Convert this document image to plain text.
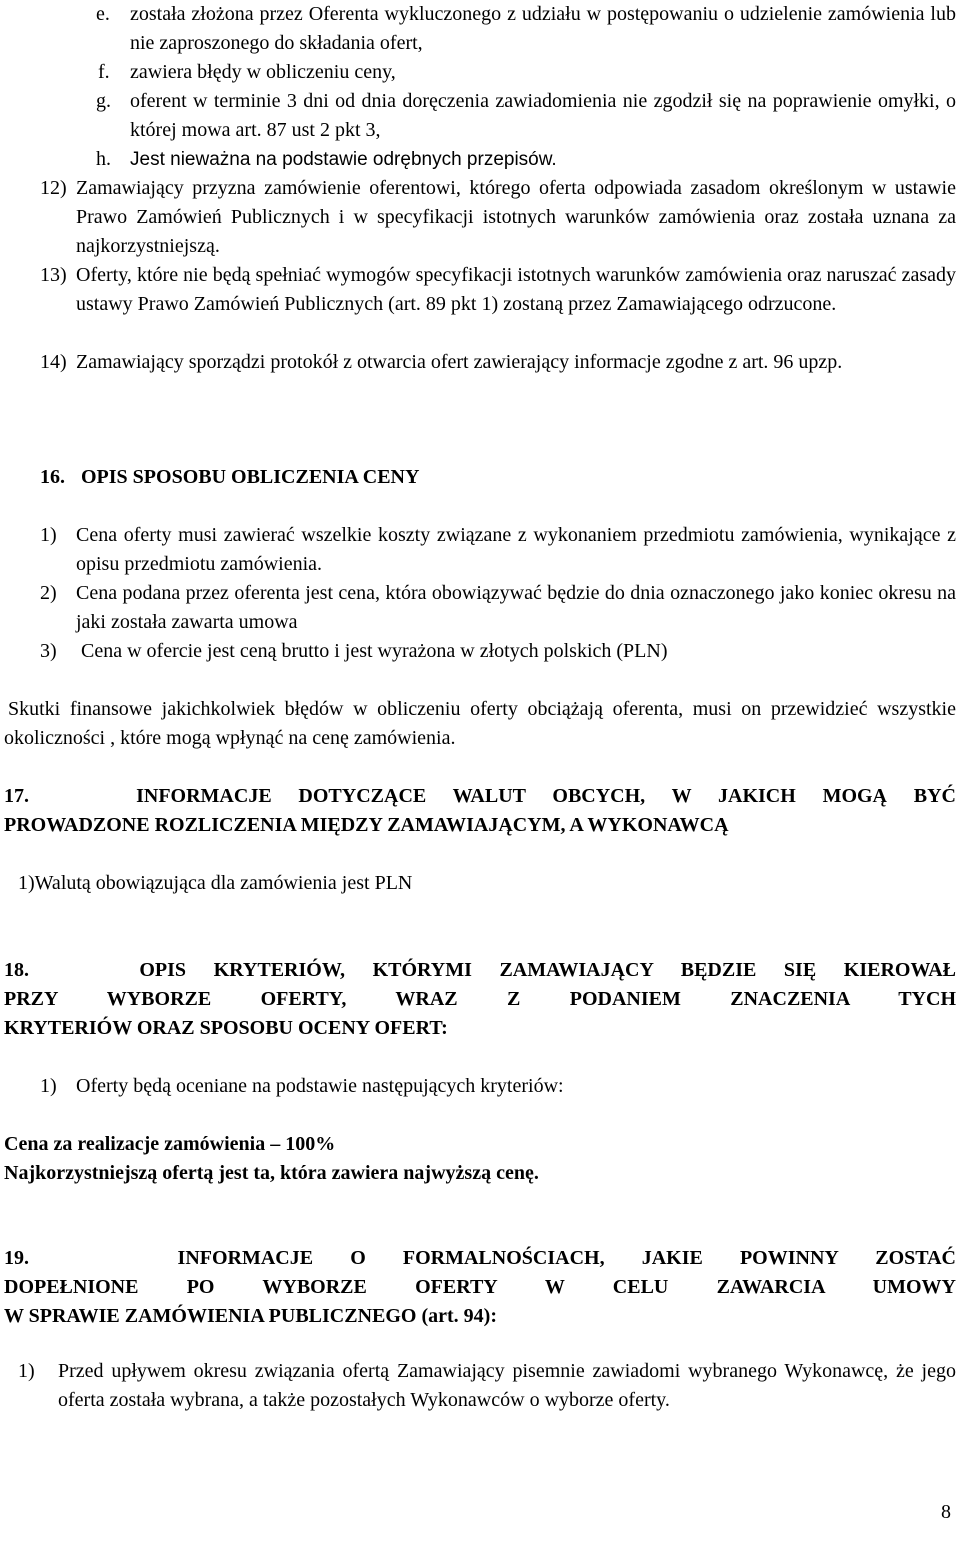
e. została złożona przez Oferenta wykluczonego z udziału w postępowaniu o udzielenie zamówienia lub nie zaproszonego do składania ofert,
f. zawiera błędy w obliczeniu ceny,
g. oferent w terminie 3 dni od dnia doręczenia zawiadomienia nie zgodził się na poprawienie omyłki, o której mowa art. 87 ust 2 pkt 3,
h. Jest nieważna na podstawie odrębnych przepisów.
12) Zamawiający przyzna zamówienie oferentowi, którego oferta odpowiada zasadom określonym w ustawie Prawo Zamówień Publicznych i w specyfikacji istotnych warunków zamówienia oraz została uznana za najkorzystniejszą.
13) Oferty, które nie będą spełniać wymogów specyfikacji istotnych warunków zamówienia oraz naruszać zasady ustawy Prawo Zamówień Publicznych (art. 89 pkt 1) zostaną przez Zamawiającego odrzucone.
14) Zamawiający sporządzi protokół z otwarcia ofert zawierający informacje zgodne z art. 96 upzp.
16. OPIS SPOSOBU OBLICZENIA CENY
1) Cena oferty musi zawierać wszelkie koszty związane z wykonaniem przedmiotu zamówienia, wynikające z opisu przedmiotu zamówienia.
2) Cena podana przez oferenta jest cena, która obowiązywać będzie do dnia oznaczonego jako koniec okresu na jaki została zawarta umowa
3) Cena w ofercie jest ceną brutto i jest wyrażona w złotych polskich (PLN)
Skutki finansowe jakichkolwiek błędów w obliczeniu oferty obciążają oferenta, musi on przewidzieć wszystkie okoliczności , które mogą wpłynąć na cenę zamówienia.
17.	INFORMACJE DOTYCZĄCE WALUT OBCYCH, W JAKICH MOGĄ BYĆ
PROWADZONE ROZLICZENIA MIĘDZY ZAMAWIAJĄCYM, A WYKONAWCĄ
1)Walutą obowiązująca dla zamówienia jest PLN
18.	OPIS KRYTERIÓW, KTÓRYMI ZAMAWIAJĄCY BĘDZIE SIĘ KIEROWAŁ
PRZY WYBORZE OFERTY, WRAZ Z PODANIEM ZNACZENIA TYCH
KRYTERIÓW ORAZ SPOSOBU OCENY OFERT:
1) Oferty będą oceniane na podstawie następujących kryteriów:
Cena za realizacje zamówienia – 100%
Najkorzystniejszą ofertą jest ta, która zawiera najwyższą cenę.
19.	INFORMACJE O FORMALNOŚCIACH, JAKIE POWINNY ZOSTAĆ
DOPEŁNIONE PO WYBORZE OFERTY W CELU ZAWARCIA UMOWY
W SPRAWIE ZAMÓWIENIA PUBLICZNEGO (art. 94):
1) Przed upływem okresu związania ofertą Zamawiający pisemnie zawiadomi wybranego Wykonawcę, że jego oferta została wybrana, a także pozostałych Wykonawców o wyborze oferty.
8
